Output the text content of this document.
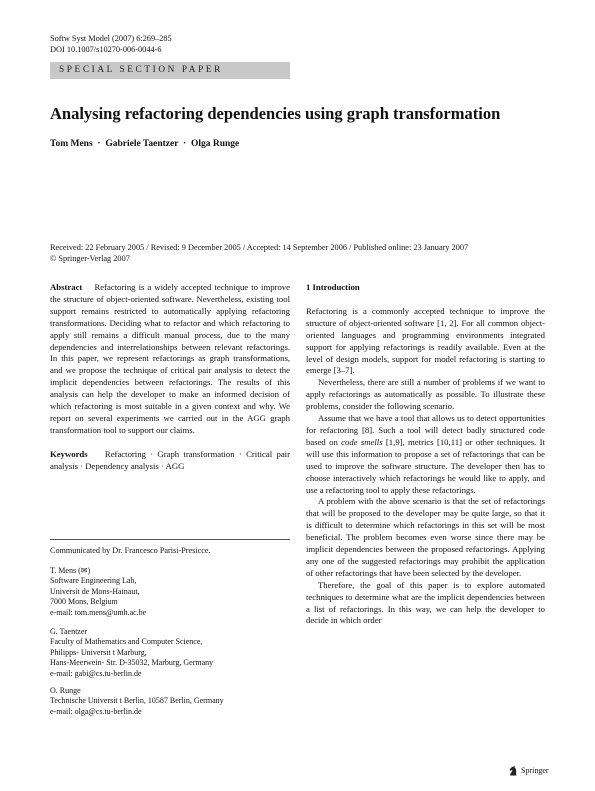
Softw Syst Model (2007) 6:269–285
DOI 10.1007/s10270-006-0044-6
SPECIAL SECTION PAPER
Analysing refactoring dependencies using graph transformation
Tom Mens · Gabriele Taentzer · Olga Runge
Received: 22 February 2005 / Revised: 9 December 2005 / Accepted: 14 September 2006 / Published online: 23 January 2007
© Springer-Verlag 2007

Abstract Refactoring is a widely accepted technique to improve the structure of object-oriented software. Nevertheless, existing tool support remains restricted to automatically applying refactoring transformations. Deciding what to refactor and which refactoring to apply still remains a difficult manual process, due to the many dependencies and interrelationships between relevant refactorings. In this paper, we represent refactorings as graph transformations, and we propose the technique of critical pair analysis to detect the implicit dependencies between refactorings. The results of this analysis can help the developer to make an informed decision of which refactoring is most suitable in a given context and why. We report on several experiments we carried out in the AGG graph transformation tool to support our claims.

Keywords Refactoring · Graph transformation · Critical pair analysis · Dependency analysis · AGG

Communicated by Dr. Francesco Parisi-Presicce.
T. Mens (✉)
Software Engineering Lab,
Universit de Mons-Hainaut,
7000 Mons, Belgium
e-mail: tom.mens@umh.ac.be
G. Taentzer
Faculty of Mathematics and Computer Science,
Philipps- Universit t Marburg,
Hans-Meerwein- Str. D-35032, Marburg, Germany
e-mail: gabi@cs.tu-berlin.de
O. Runge
Technische Universit t Berlin, 10587 Berlin, Germany
e-mail: olga@cs.tu-berlin.de

1 Introduction

Refactoring is a commonly accepted technique to improve the structure of object-oriented software [1, 2]. For all common object-oriented languages and programming environments integrated support for applying refactorings is readily available. Even at the level of design models, support for model refactoring is starting to emerge [3–7].

Nevertheless, there are still a number of problems if we want to apply refactorings as automatically as possible. To illustrate these problems, consider the following scenario.

Assume that we have a tool that allows us to detect opportunities for refactoring [8]. Such a tool will detect badly structured code based on code smells [1,9], metrics [10,11] or other techniques. It will use this information to propose a set of refactorings that can be used to improve the software structure. The developer then has to choose interactively which refactorings he would like to apply, and use a refactoring tool to apply these refactorings.

A problem with the above scenario is that the set of refactorings that will be proposed to the developer may be quite large, so that it is difficult to determine which refactorings in this set will be most beneficial. The problem becomes even worse since there may be implicit dependencies between the proposed refactorings. Applying any one of the suggested refactorings may prohibit the application of other refactorings that have been selected by the developer.

Therefore, the goal of this paper is to explore automated techniques to determine what are the implicit dependencies between a list of refactorings. In this way, we can help the developer to decide in which order

Springer
